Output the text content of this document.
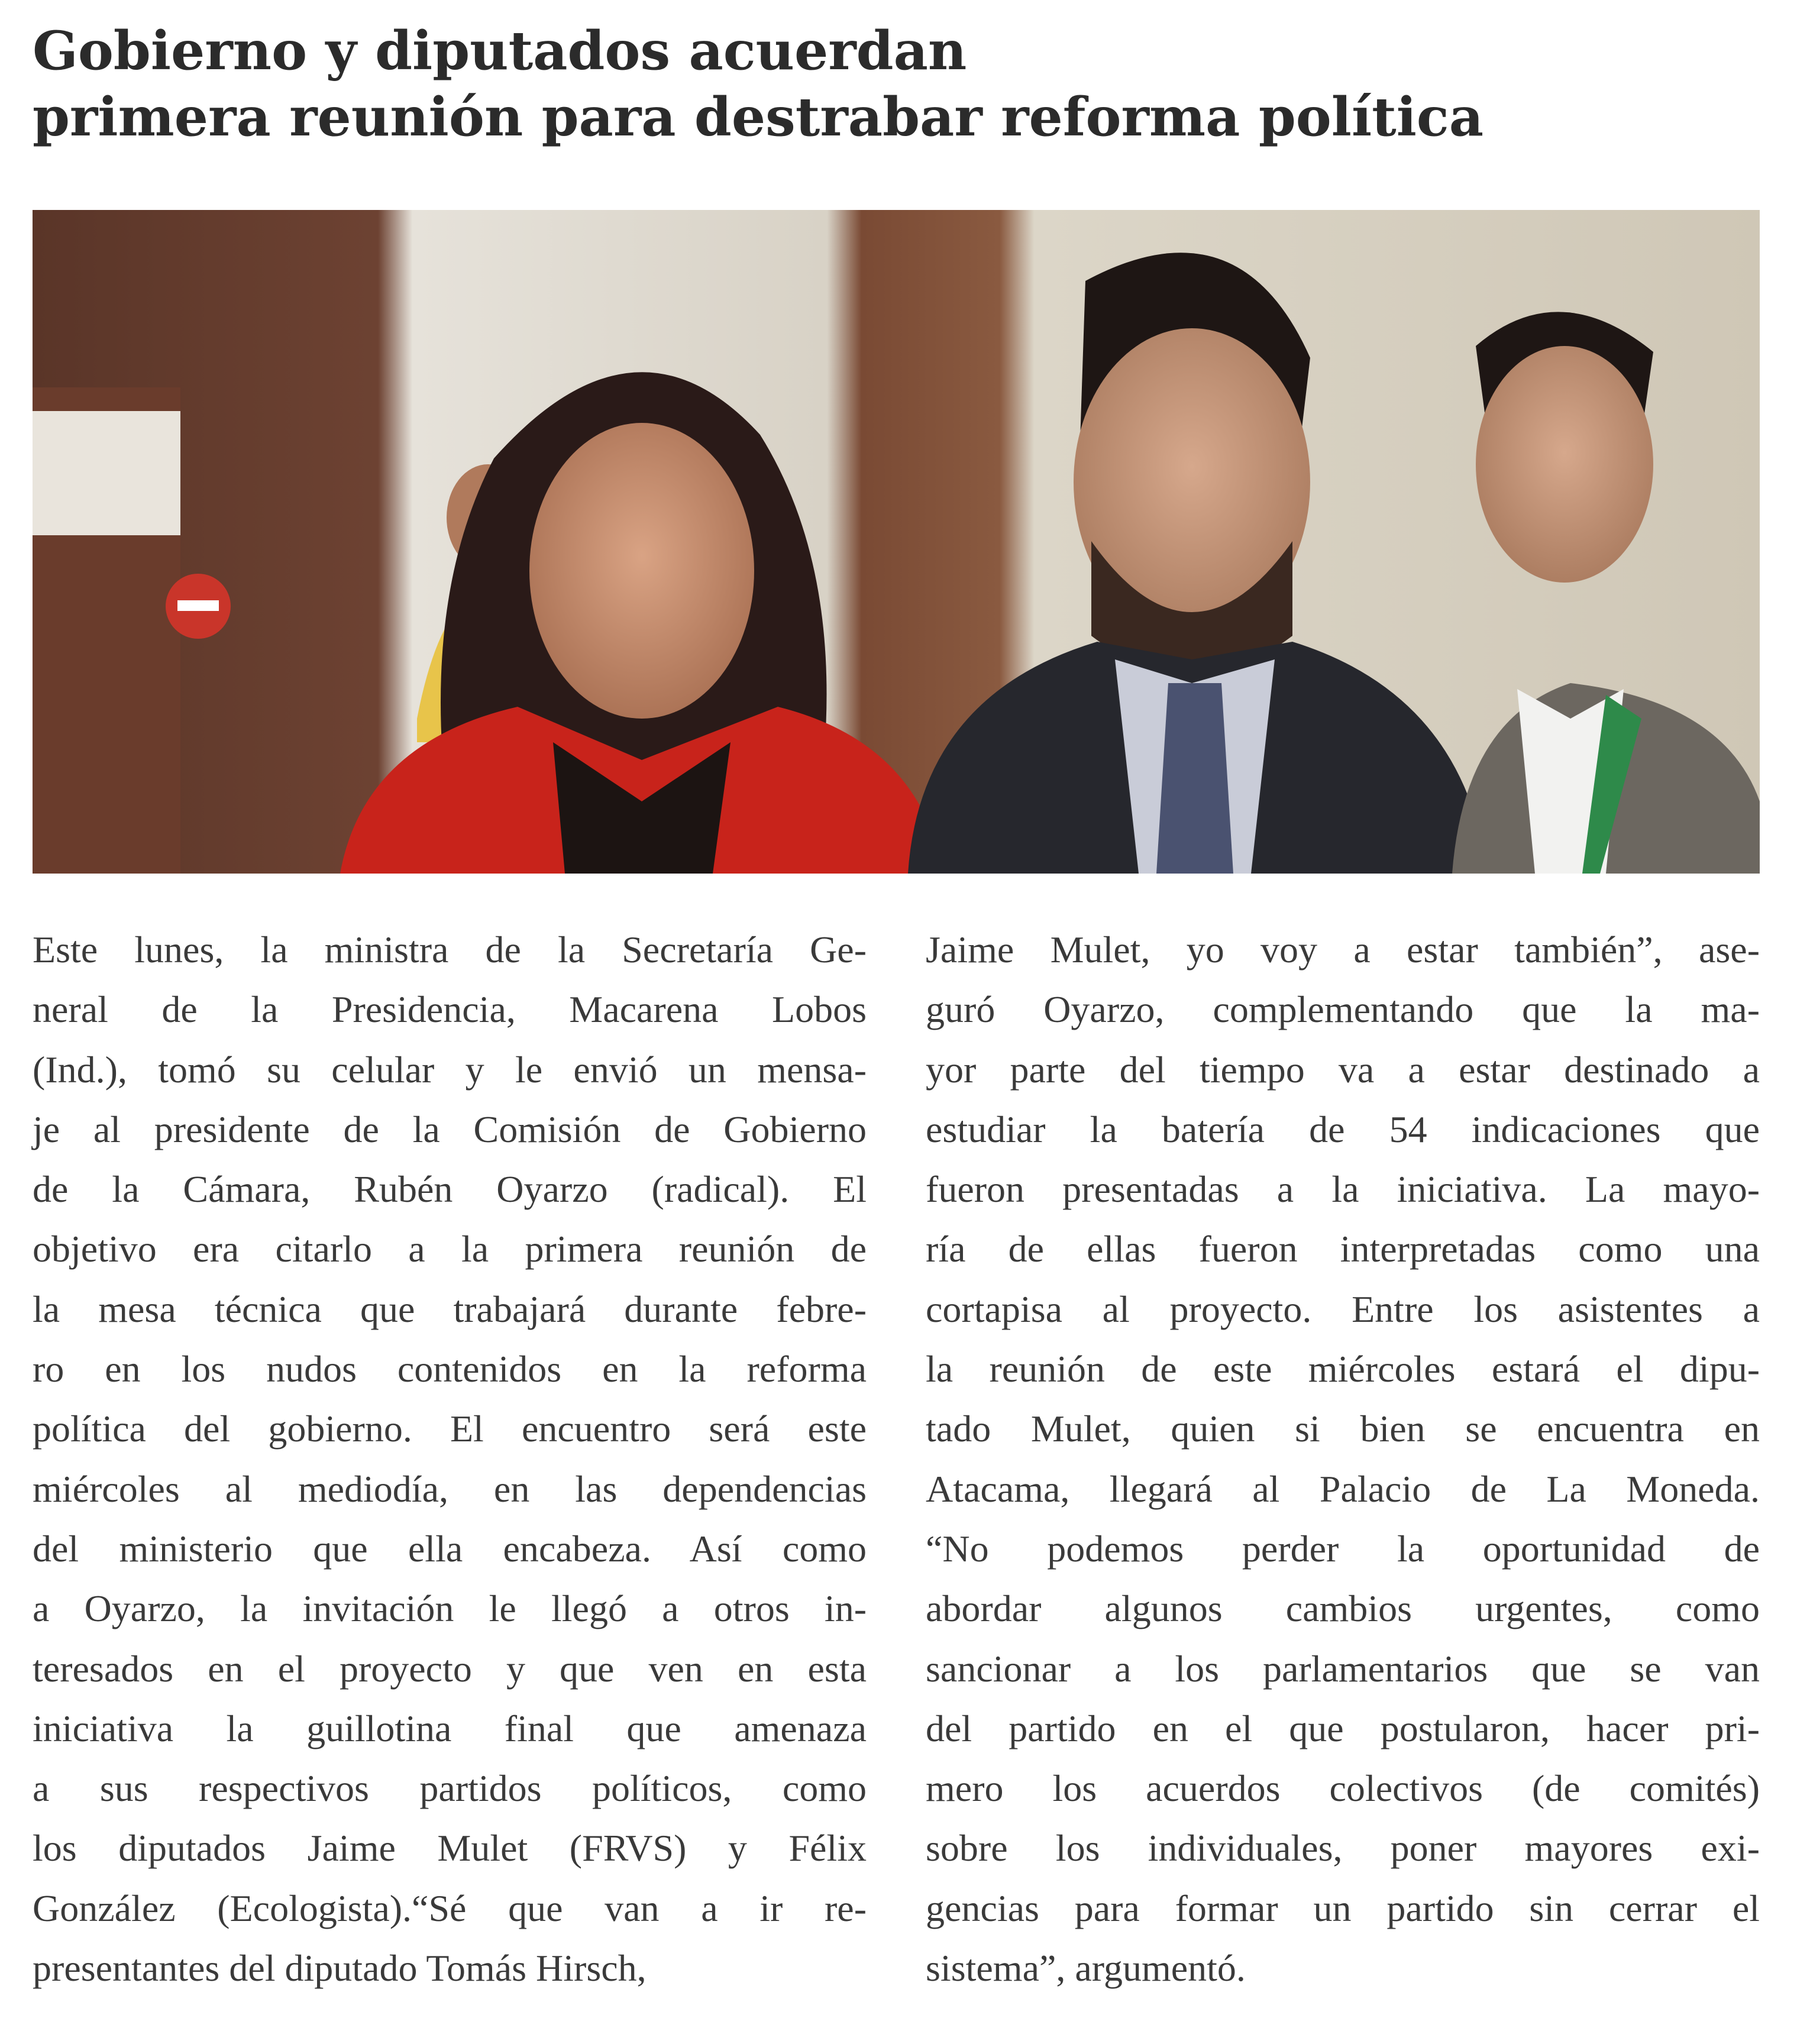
Gobierno y diputados acuerdan
primera reunión para destrabar reforma política
Este lunes, la ministra de la Secretaría Ge-
neral de la Presidencia, Macarena Lobos
(Ind.), tomó su celular y le envió un mensa-
je al presidente de la Comisión de Gobierno
de la Cámara, Rubén Oyarzo (radical). El
objetivo era citarlo a la primera reunión de
la mesa técnica que trabajará durante febre-
ro en los nudos contenidos en la reforma
política del gobierno. El encuentro será este
miércoles al mediodía, en las dependencias
del ministerio que ella encabeza. Así como
a Oyarzo, la invitación le llegó a otros in-
teresados en el proyecto y que ven en esta
iniciativa la guillotina final que amenaza
a sus respectivos partidos políticos, como
los diputados Jaime Mulet (FRVS) y Félix
González (Ecologista).“Sé que van a ir re-
presentantes del diputado Tomás Hirsch,
Jaime Mulet, yo voy a estar también”, ase-
guró Oyarzo, complementando que la ma-
yor parte del tiempo va a estar destinado a
estudiar la batería de 54 indicaciones que
fueron presentadas a la iniciativa. La mayo-
ría de ellas fueron interpretadas como una
cortapisa al proyecto. Entre los asistentes a
la reunión de este miércoles estará el dipu-
tado Mulet, quien si bien se encuentra en
Atacama, llegará al Palacio de La Moneda.
“No podemos perder la oportunidad de
abordar algunos cambios urgentes, como
sancionar a los parlamentarios que se van
del partido en el que postularon, hacer pri-
mero los acuerdos colectivos (de comités)
sobre los individuales, poner mayores exi-
gencias para formar un partido sin cerrar el
sistema”, argumentó.
